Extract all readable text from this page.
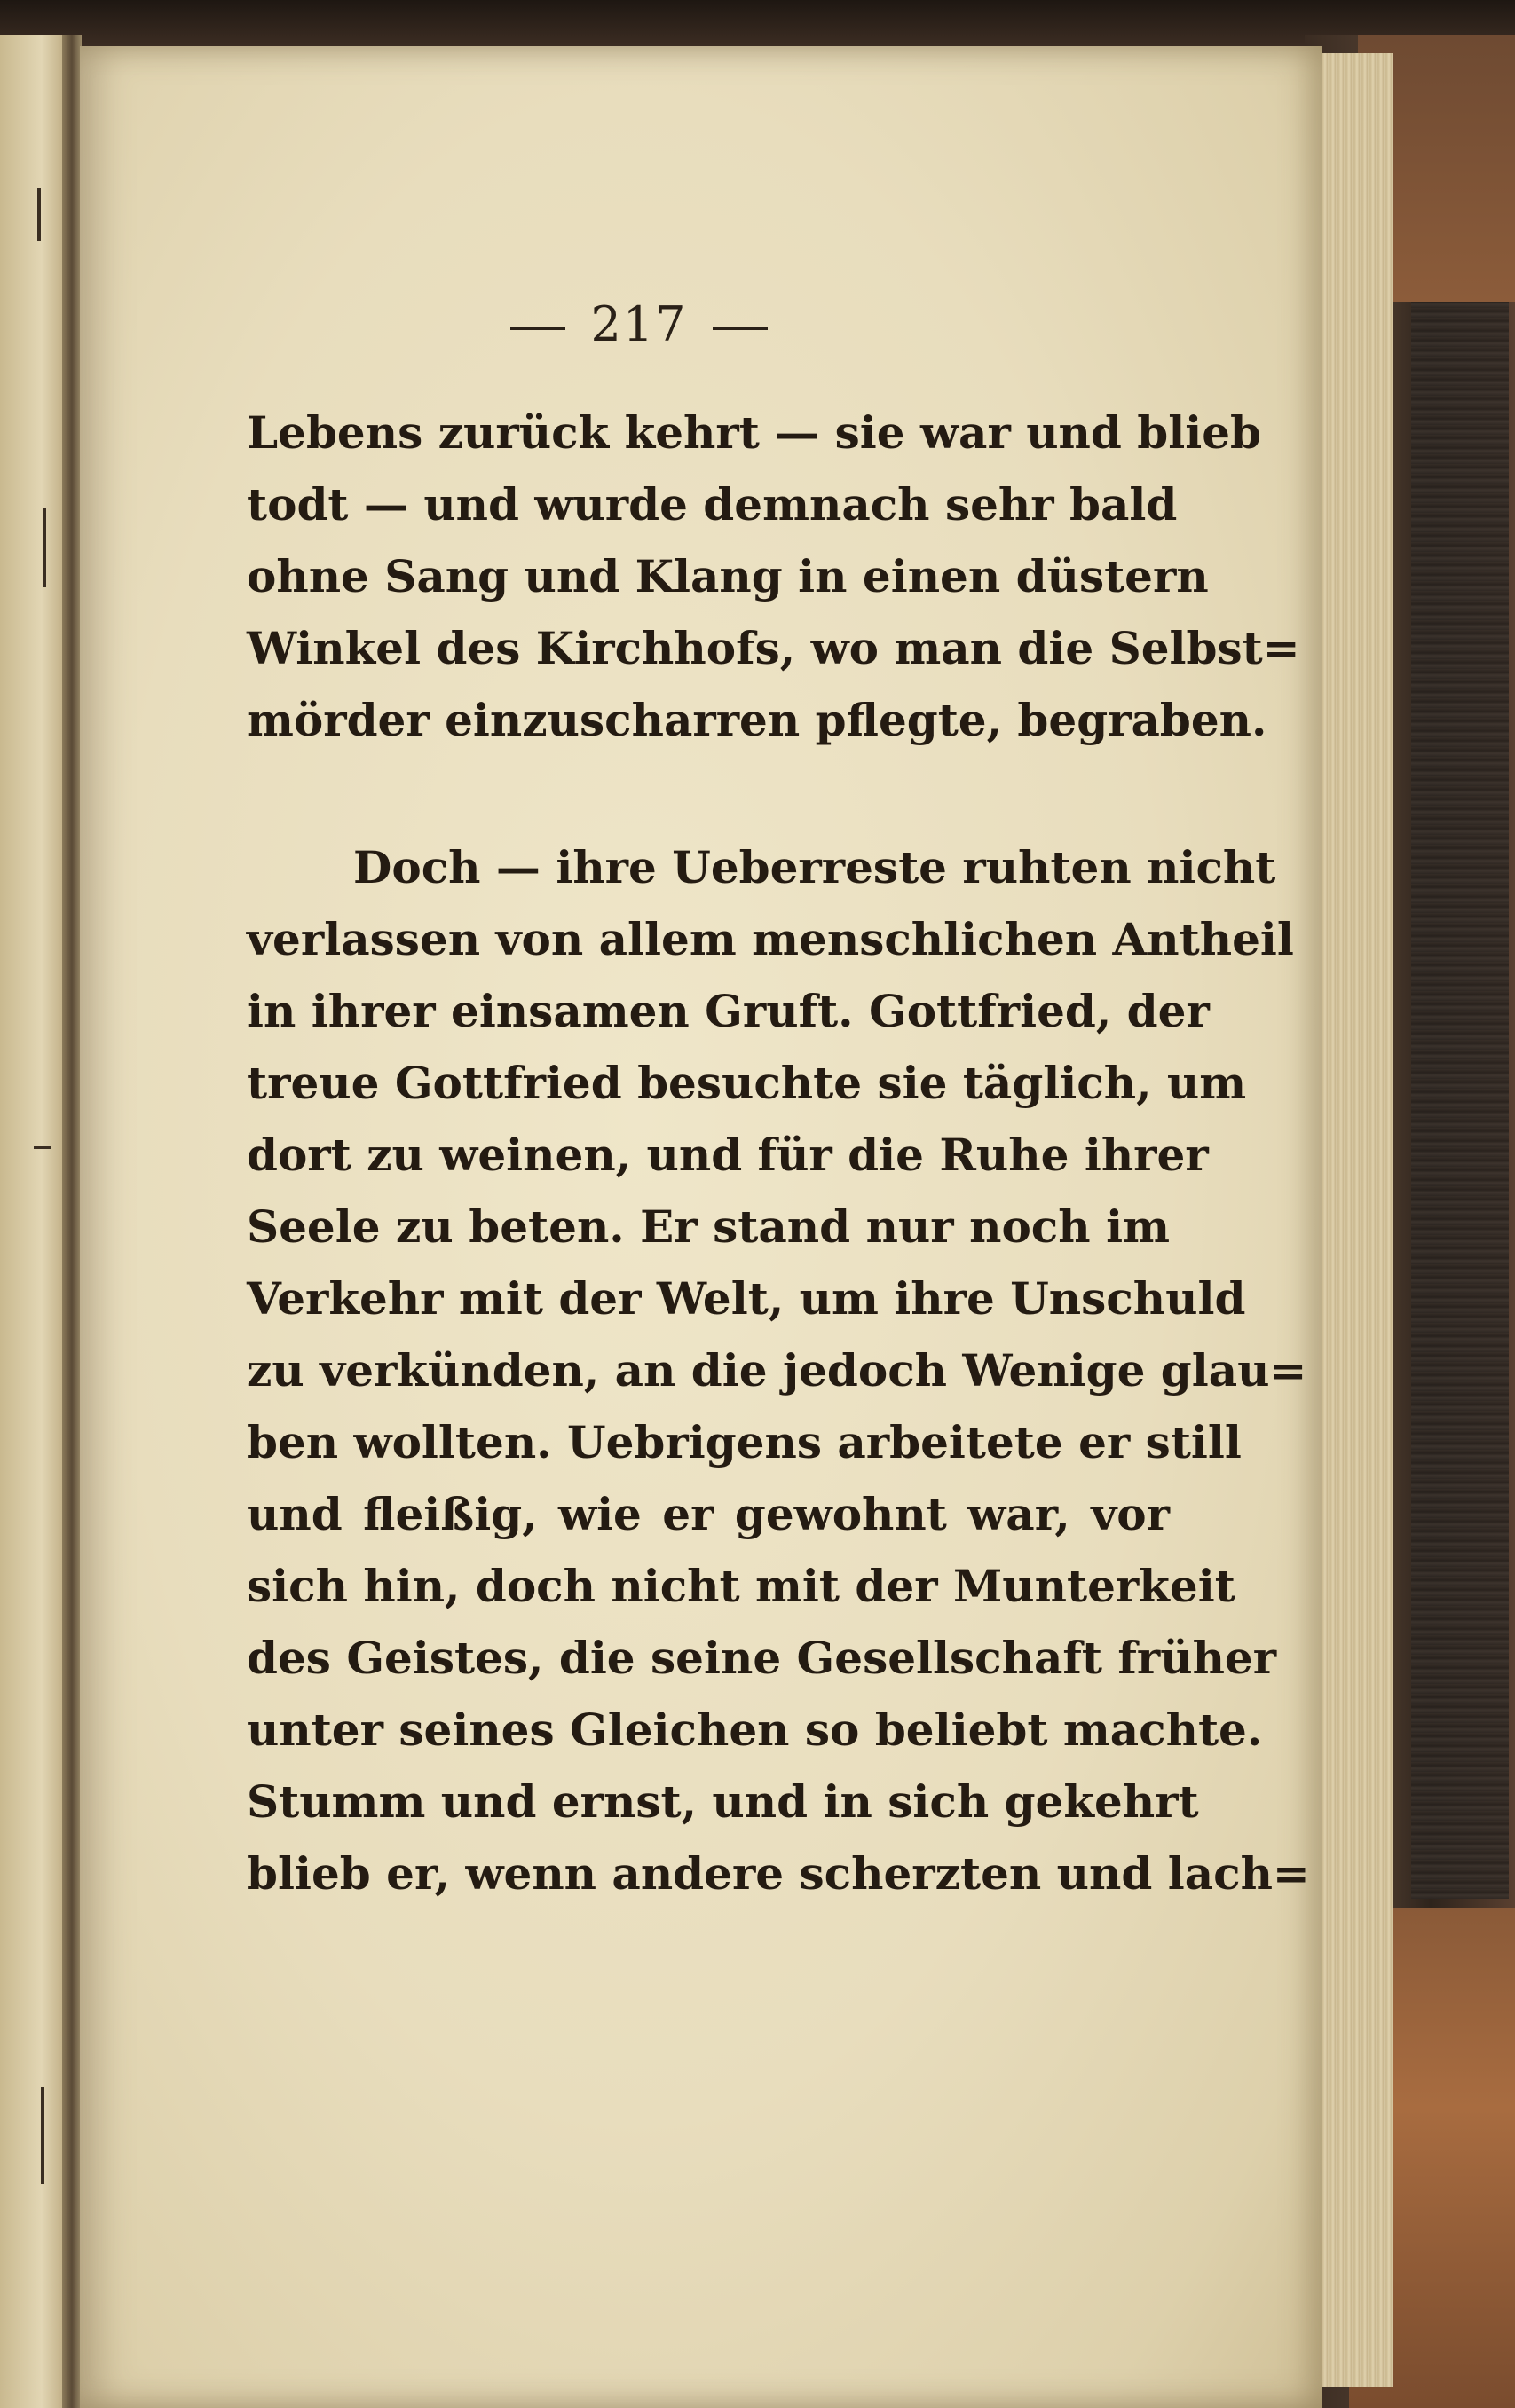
217
Lebens zurück kehrt — sie war und blieb
todt — und wurde demnach sehr bald
ohne Sang und Klang in einen düstern
Winkel des Kirchhofs, wo man die Selbst=
mörder einzuscharren pflegte, begraben.
Doch — ihre Ueberreste ruhten nicht
verlassen von allem menschlichen Antheil
in ihrer einsamen Gruft. Gottfried, der
treue Gottfried besuchte sie täglich, um
dort zu weinen, und für die Ruhe ihrer
Seele zu beten. Er stand nur noch im
Verkehr mit der Welt, um ihre Unschuld
zu verkünden, an die jedoch Wenige glau=
ben wollten. Uebrigens arbeitete er still
und fleißig, wie er gewohnt war, vor
sich hin, doch nicht mit der Munterkeit
des Geistes, die seine Gesellschaft früher
unter seines Gleichen so beliebt machte.
Stumm und ernst, und in sich gekehrt
blieb er, wenn andere scherzten und lach=
